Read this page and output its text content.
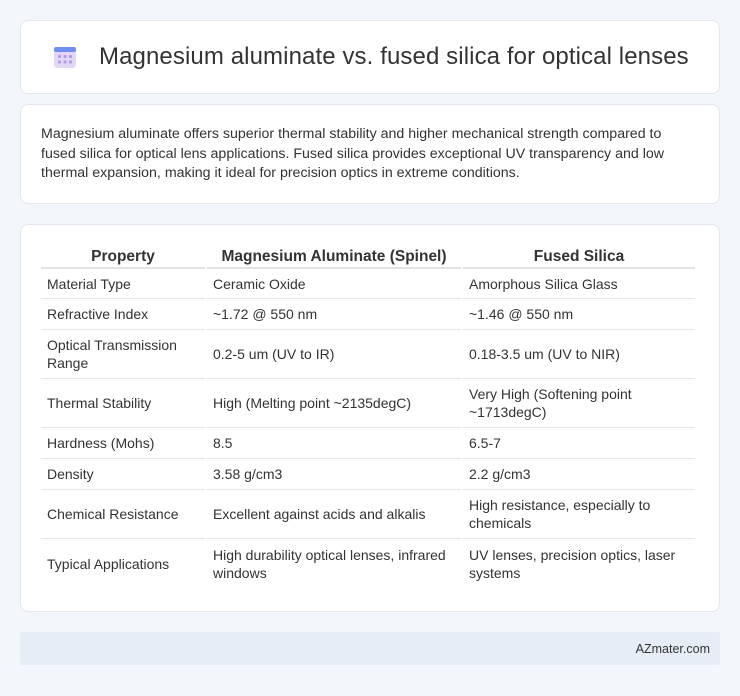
Magnesium aluminate vs. fused silica for optical lenses

Magnesium aluminate offers superior thermal stability and higher mechanical strength compared to fused silica for optical lens applications. Fused silica provides exceptional UV transparency and low thermal expansion, making it ideal for precision optics in extreme conditions.

Property	Magnesium Aluminate (Spinel)	Fused Silica
Material Type	Ceramic Oxide	Amorphous Silica Glass
Refractive Index	~1.72 @ 550 nm	~1.46 @ 550 nm
Optical Transmission Range	0.2-5 um (UV to IR)	0.18-3.5 um (UV to NIR)
Thermal Stability	High (Melting point ~2135degC)	Very High (Softening point ~1713degC)
Hardness (Mohs)	8.5	6.5-7
Density	3.58 g/cm3	2.2 g/cm3
Chemical Resistance	Excellent against acids and alkalis	High resistance, especially to chemicals
Typical Applications	High durability optical lenses, infrared windows	UV lenses, precision optics, laser systems
AZmater.com
